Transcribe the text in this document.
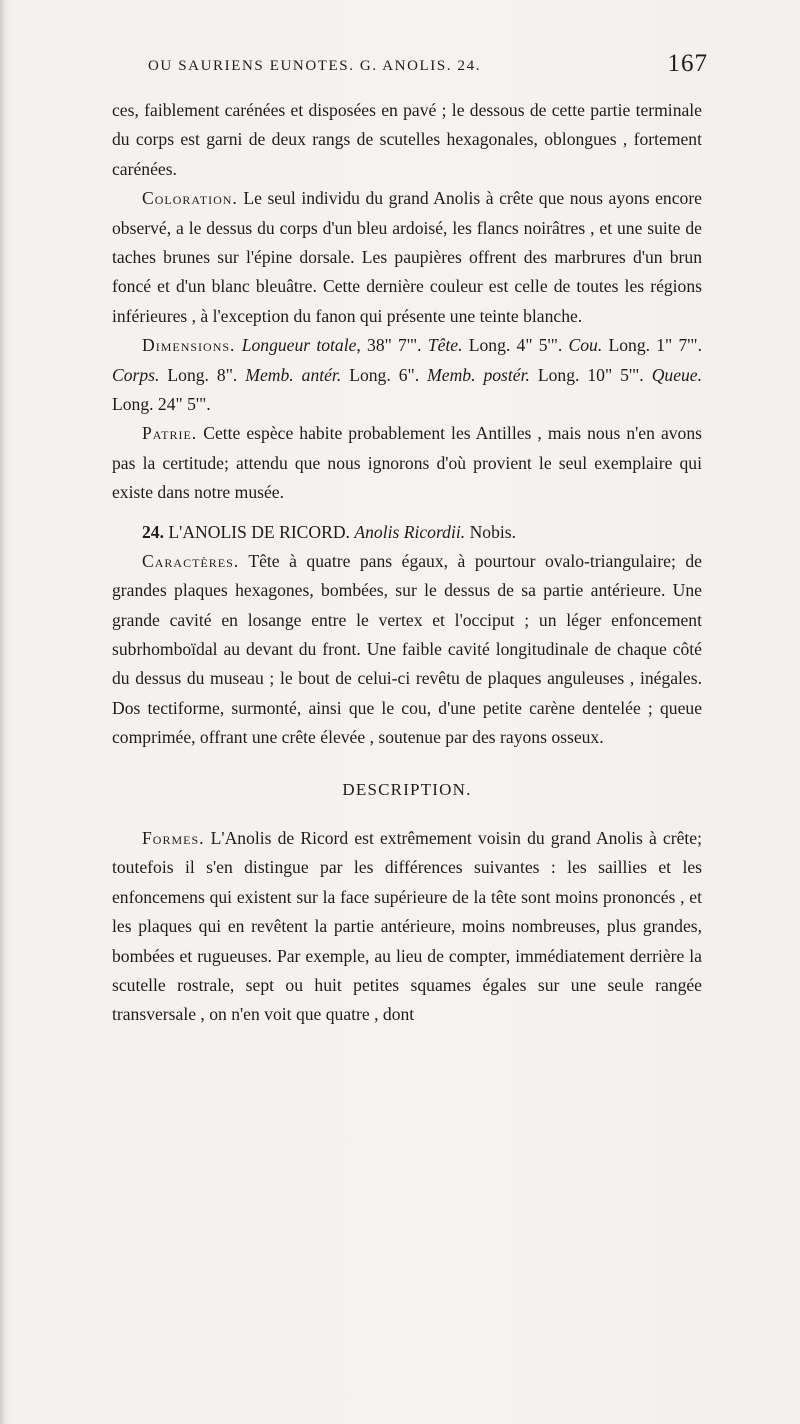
OU SAURIENS EUNOTES. G. ANOLIS. 24.	167

ces, faiblement carénées et disposées en pavé ; le dessous de cette partie terminale du corps est garni de deux rangs de scutelles hexagonales, oblongues , fortement carénées.

Coloration. Le seul individu du grand Anolis à crête que nous ayons encore observé, a le dessus du corps d'un bleu ardoisé, les flancs noirâtres , et une suite de taches brunes sur l'épine dorsale. Les paupières offrent des marbrures d'un brun foncé et d'un blanc bleuâtre. Cette dernière couleur est celle de toutes les régions inférieures , à l'exception du fanon qui présente une teinte blanche.

Dimensions. Longueur totale, 38" 7'". Tête. Long. 4" 5'". Cou. Long. 1" 7'". Corps. Long. 8". Memb. antér. Long. 6". Memb. postér. Long. 10" 5'". Queue. Long. 24" 5'".

Patrie. Cette espèce habite probablement les Antilles , mais nous n'en avons pas la certitude; attendu que nous ignorons d'où provient le seul exemplaire qui existe dans notre musée.

24. L'ANOLIS DE RICORD. Anolis Ricordii. Nobis.

Caractères. Tête à quatre pans égaux, à pourtour ovalo-triangulaire; de grandes plaques hexagones, bombées, sur le dessus de sa partie antérieure. Une grande cavité en losange entre le vertex et l'occiput ; un léger enfoncement subrhomboïdal au devant du front. Une faible cavité longitudinale de chaque côté du dessus du museau ; le bout de celui-ci revêtu de plaques anguleuses , inégales. Dos tectiforme, surmonté, ainsi que le cou, d'une petite carène dentelée ; queue comprimée, offrant une crête élevée , soutenue par des rayons osseux.

DESCRIPTION.

Formes. L'Anolis de Ricord est extrêmement voisin du grand Anolis à crête; toutefois il s'en distingue par les différences suivantes : les saillies et les enfoncemens qui existent sur la face supérieure de la tête sont moins prononcés , et les plaques qui en revêtent la partie antérieure, moins nombreuses, plus grandes, bombées et rugueuses. Par exemple, au lieu de compter, immédiatement derrière la scutelle rostrale, sept ou huit petites squames égales sur une seule rangée transversale , on n'en voit que quatre , dont
